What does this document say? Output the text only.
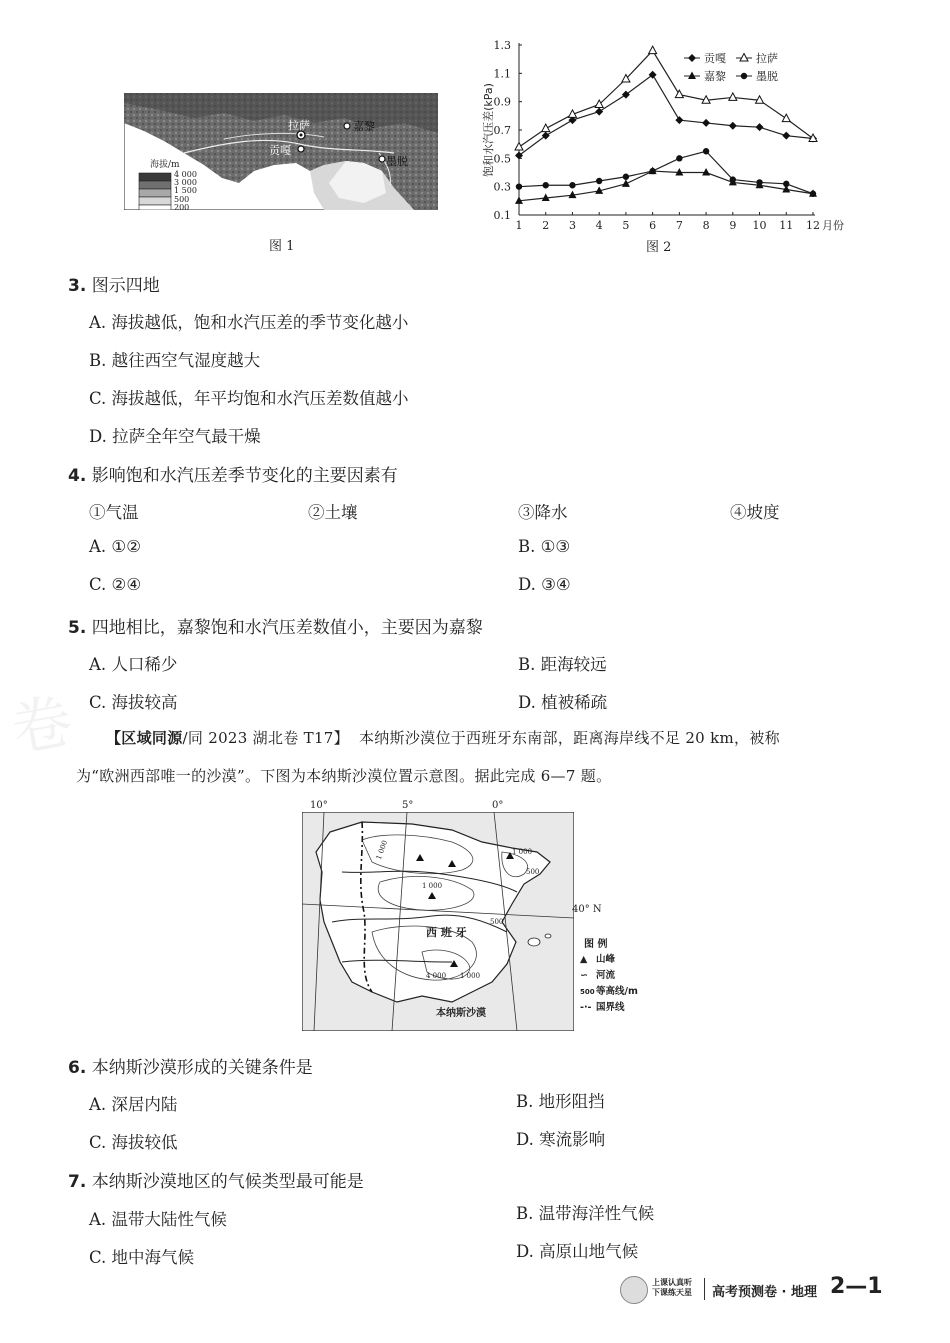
海拔/m
4 000
3 000
1 500
500
200
拉萨	嘉黎
贡嘎
墨脱
图 1
0.1
0.3
0.5
0.7
0.9
1.1
1.3
1 2 3 4 5 6 7 8 9 10 11 12 月份
饱和水汽压差(kPa)
贡嘎	拉萨
嘉黎	墨脱
图 2
3. 图示四地
A. 海拔越低，饱和水汽压差的季节变化越小
B. 越往西空气湿度越大
C. 海拔越低，年平均饱和水汽压差数值越小
D. 拉萨全年空气最干燥
4. 影响饱和水汽压差季节变化的主要因素有
①气温	②土壤	③降水	④坡度
A. ①②	B. ①③
C. ②④	D. ③④
5. 四地相比，嘉黎饱和水汽压差数值小，主要因为嘉黎
A. 人口稀少	B. 距海较远
C. 海拔较高	D. 植被稀疏
卷	【区域同源/同 2023 湖北卷 T17】 本纳斯沙漠位于西班牙东南部，距离海岸线不足 20 km，被称
为“欧洲西部唯一的沙漠”。下图为本纳斯沙漠位置示意图。据此完成 6—7 题。
10°	5°	0°
40° N
西 班 牙
本纳斯沙漠
1 000
1 000
500
1 000
500
4 000 1 000
图 例
▲ 山峰
∽ 河流
500等高线/m
-·- 国界线
6. 本纳斯沙漠形成的关键条件是
A. 深居内陆	B. 地形阻挡
C. 海拔较低	D. 寒流影响
7. 本纳斯沙漠地区的气候类型最可能是
A. 温带大陆性气候	B. 温带海洋性气候
C. 地中海气候	D. 高原山地气候
上课认真听
下课练天星 高考预测卷 · 地理 2—1
